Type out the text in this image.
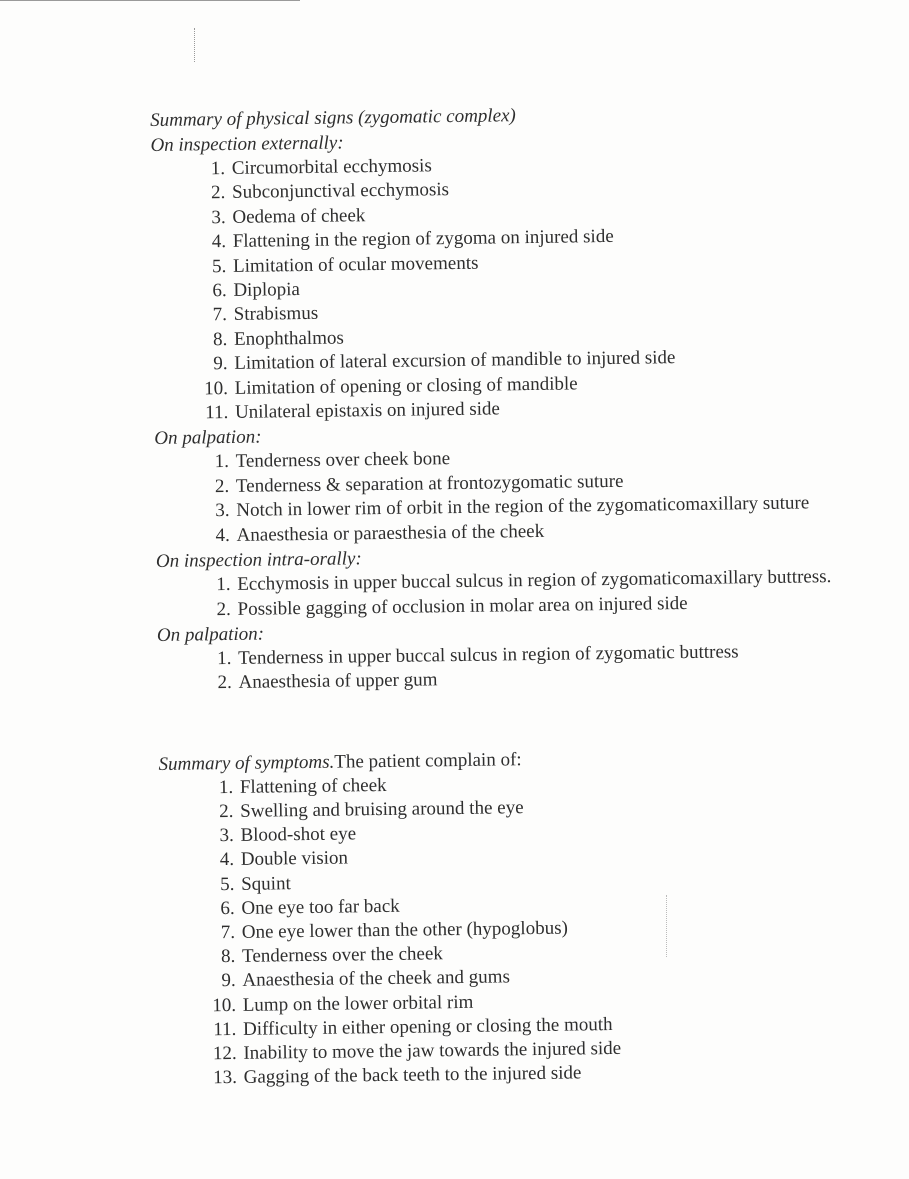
Summary of physical signs (zygomatic complex)
On inspection externally:
1. Circumorbital ecchymosis
2. Subconjunctival ecchymosis
3. Oedema of cheek
4. Flattening in the region of zygoma on injured side
5. Limitation of ocular movements
6. Diplopia
7. Strabismus
8. Enophthalmos
9. Limitation of lateral excursion of mandible to injured side
10. Limitation of opening or closing of mandible
11. Unilateral epistaxis on injured side
On palpation:
1. Tenderness over cheek bone
2. Tenderness & separation at frontozygomatic suture
3. Notch in lower rim of orbit in the region of the zygomaticomaxillary suture
4. Anaesthesia or paraesthesia of the cheek
On inspection intra-orally:
1. Ecchymosis in upper buccal sulcus in region of zygomaticomaxillary buttress.
2. Possible gagging of occlusion in molar area on injured side
On palpation:
1. Tenderness in upper buccal sulcus in region of zygomatic buttress
2. Anaesthesia of upper gum
Summary of symptoms.The patient complain of:
1. Flattening of cheek
2. Swelling and bruising around the eye
3. Blood-shot eye
4. Double vision
5. Squint
6. One eye too far back
7. One eye lower than the other (hypoglobus)
8. Tenderness over the cheek
9. Anaesthesia of the cheek and gums
10. Lump on the lower orbital rim
11. Difficulty in either opening or closing the mouth
12. Inability to move the jaw towards the injured side
13. Gagging of the back teeth to the injured side
